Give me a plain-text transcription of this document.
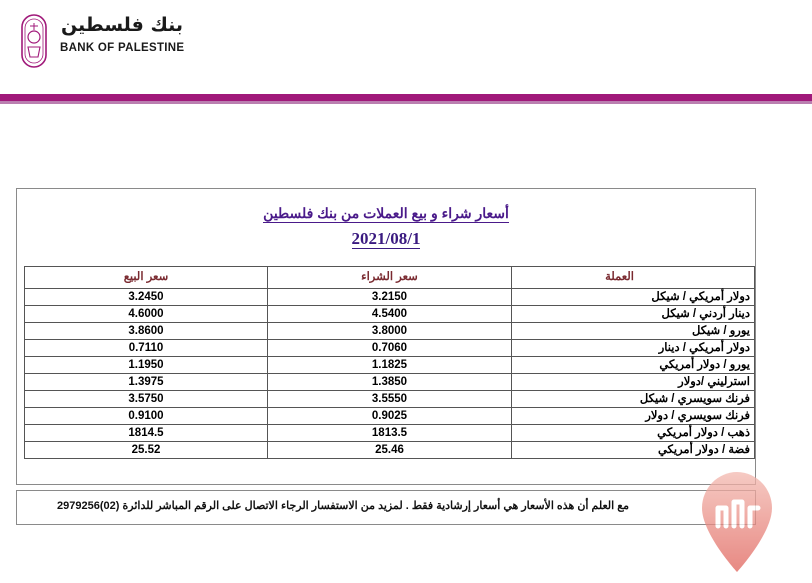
بنك فلسطين
BANK OF PALESTINE
أسعار شراء و بيع العملات من بنك فلسطين
2021/08/1
العملة	سعر الشراء	سعر البيع
دولار أمريكي / شيكل	3.2150	3.2450
دينار أردني / شيكل	4.5400	4.6000
يورو / شيكل	3.8000	3.8600
دولار أمريكي / دينار	0.7060	0.7110
يورو / دولار أمريكي	1.1825	1.1950
استرليني /دولار	1.3850	1.3975
فرنك سويسري / شيكل	3.5550	3.5750
فرنك سويسري / دولار	0.9025	0.9100
ذهب / دولار أمريكي	1813.5	1814.5
فضة / دولار أمريكي	25.46	25.52
مع العلم أن هذه الأسعار هي أسعار إرشادية فقط . لمزيد من الاستفسار الرجاء الاتصال على الرقم المباشر للدائرة (02)2979256
